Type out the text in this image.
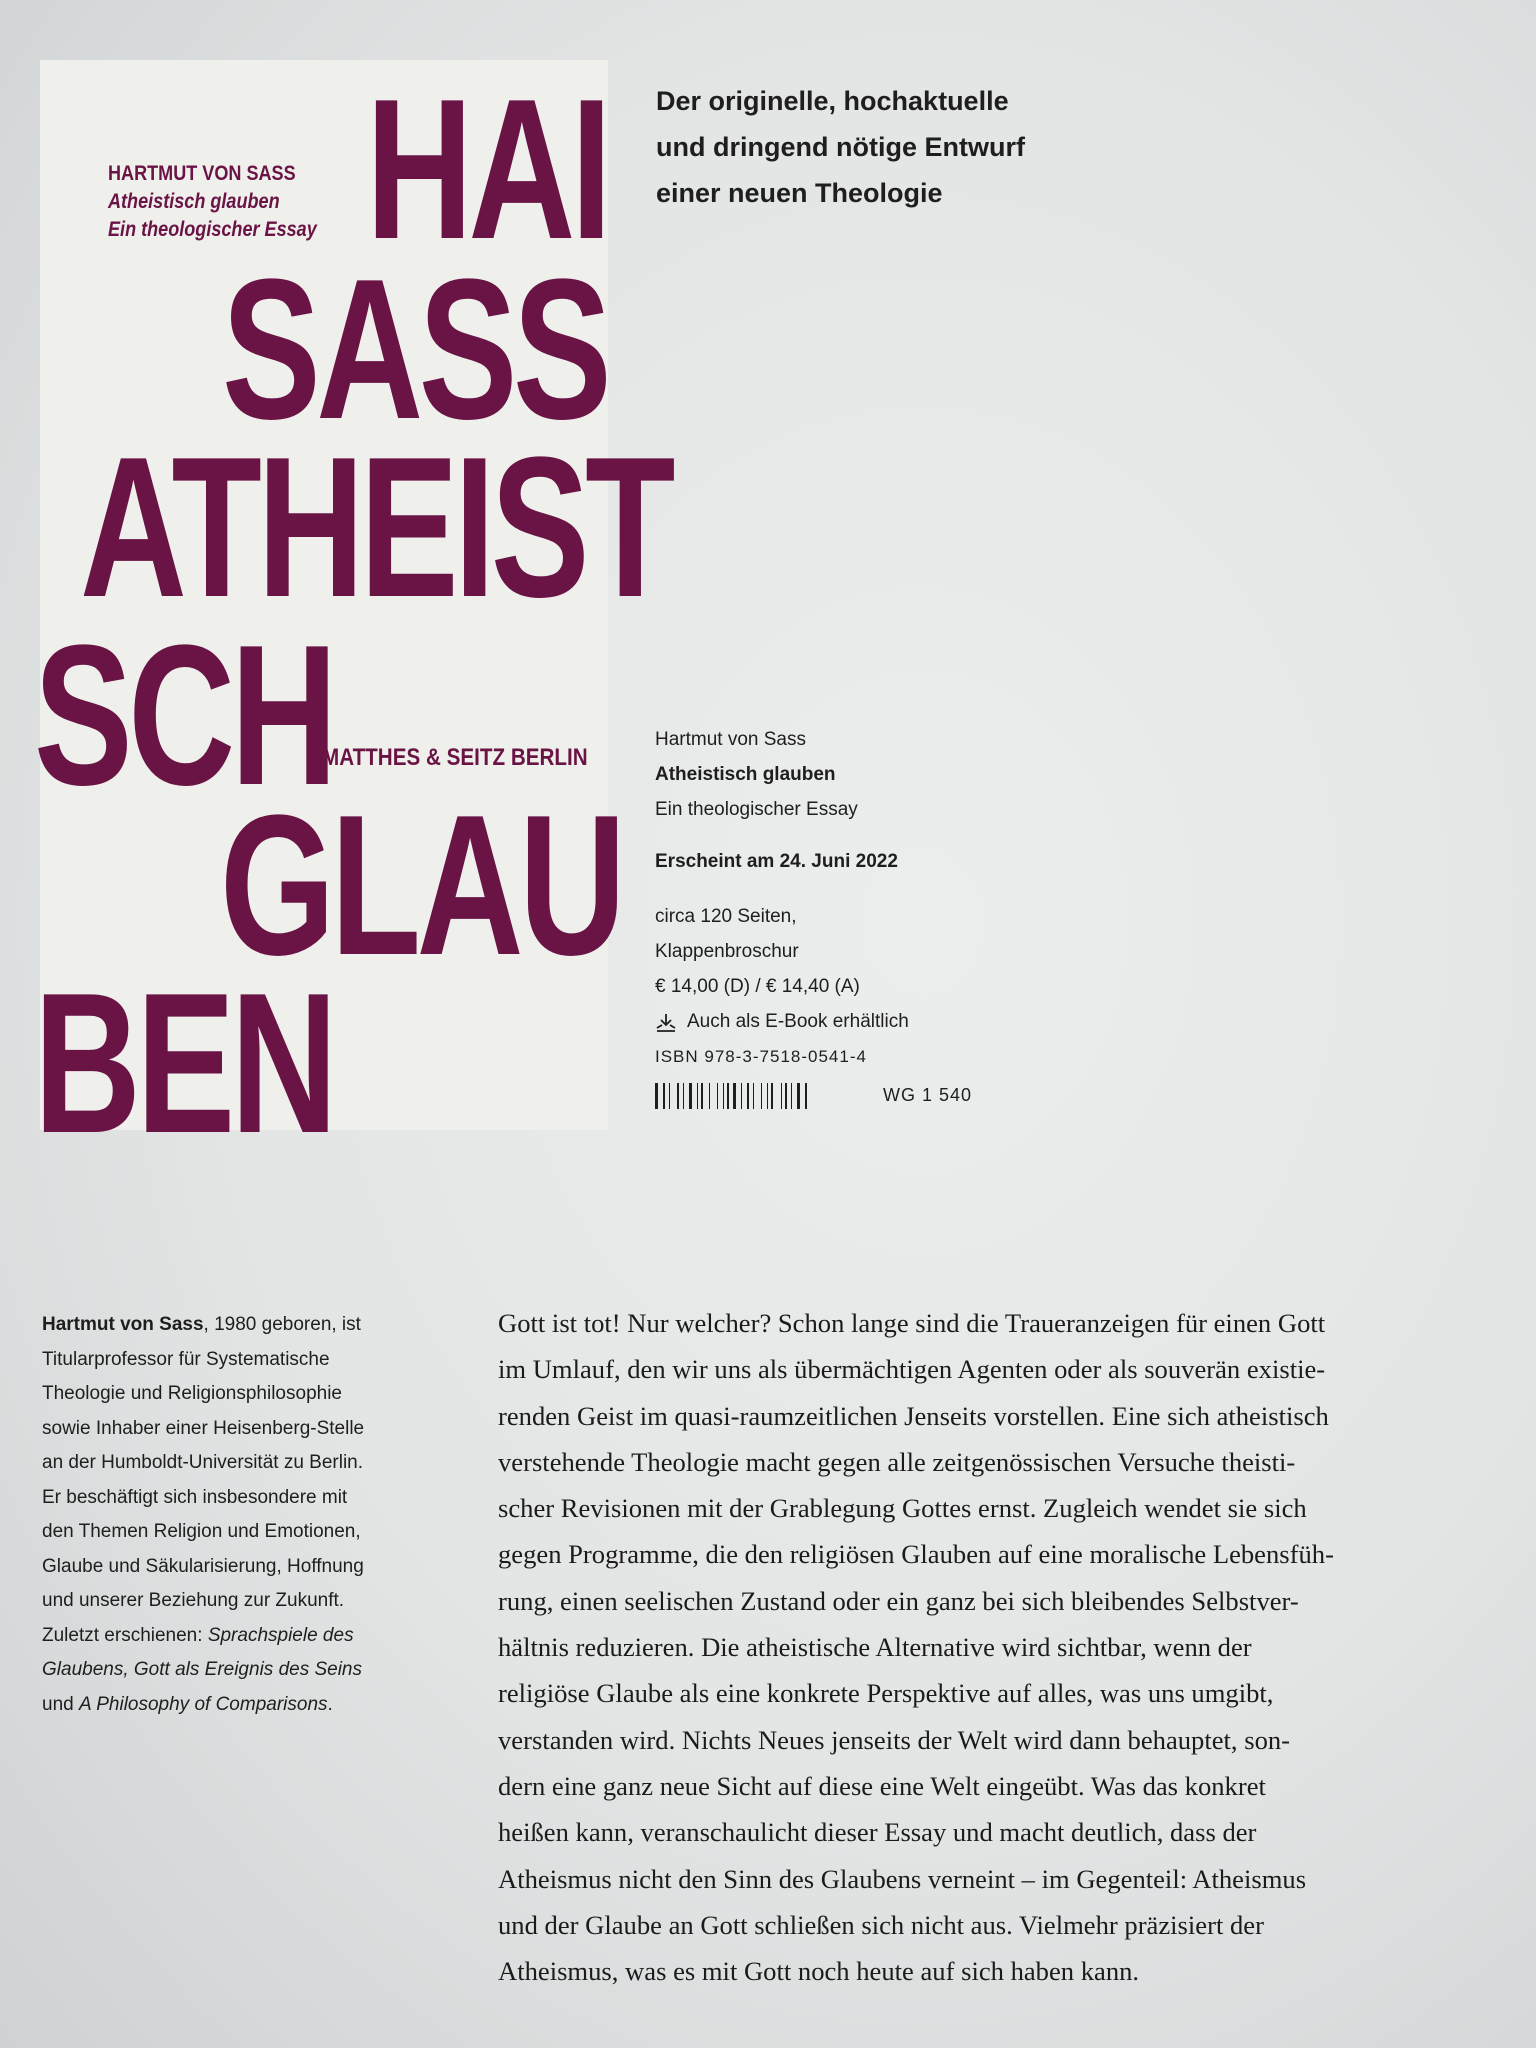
HAI
HARTMUT VON SASS
Atheistisch glauben
Ein theologischer Essay
SASS
ATHEIST
SCH
MATTHES & SEITZ BERLIN
GLAU
BEN
Der originelle, hochaktuelle
und dringend nötige Entwurf
einer neuen Theologie
Hartmut von Sass
Atheistisch glauben
Ein theologischer Essay
Erscheint am 24. Juni 2022
circa 120 Seiten,
Klappenbroschur
€ 14,00 (D) / € 14,40 (A)
Auch als E-Book erhältlich
ISBN 978-3-7518-0541-4
WG 1 540
Hartmut von Sass, 1980 geboren, ist
Titularprofessor für Systematische
Theologie und Religionsphilosophie
sowie Inhaber einer Heisenberg-Stelle
an der Humboldt-Universität zu Berlin.
Er beschäftigt sich insbesondere mit
den Themen Religion und Emotionen,
Glaube und Säkularisierung, Hoffnung
und unserer Beziehung zur Zukunft.
Zuletzt erschienen: Sprachspiele des
Glaubens, Gott als Ereignis des Seins
und A Philosophy of Comparisons.
Gott ist tot! Nur welcher? Schon lange sind die Traueranzeigen für einen Gott
im Umlauf, den wir uns als übermächtigen Agenten oder als souverän existie-
renden Geist im quasi-raumzeitlichen Jenseits vorstellen. Eine sich atheistisch
verstehende Theologie macht gegen alle zeitgenössischen Versuche theisti-
scher Revisionen mit der Grablegung Gottes ernst. Zugleich wendet sie sich
gegen Programme, die den religiösen Glauben auf eine moralische Lebensfüh-
rung, einen seelischen Zustand oder ein ganz bei sich bleibendes Selbstver-
hältnis reduzieren. Die atheistische Alternative wird sichtbar, wenn der
religiöse Glaube als eine konkrete Perspektive auf alles, was uns umgibt,
verstanden wird. Nichts Neues jenseits der Welt wird dann behauptet, son-
dern eine ganz neue Sicht auf diese eine Welt eingeübt. Was das konkret
heißen kann, veranschaulicht dieser Essay und macht deutlich, dass der
Atheismus nicht den Sinn des Glaubens verneint – im Gegenteil: Atheismus
und der Glaube an Gott schließen sich nicht aus. Vielmehr präzisiert der
Atheismus, was es mit Gott noch heute auf sich haben kann.
